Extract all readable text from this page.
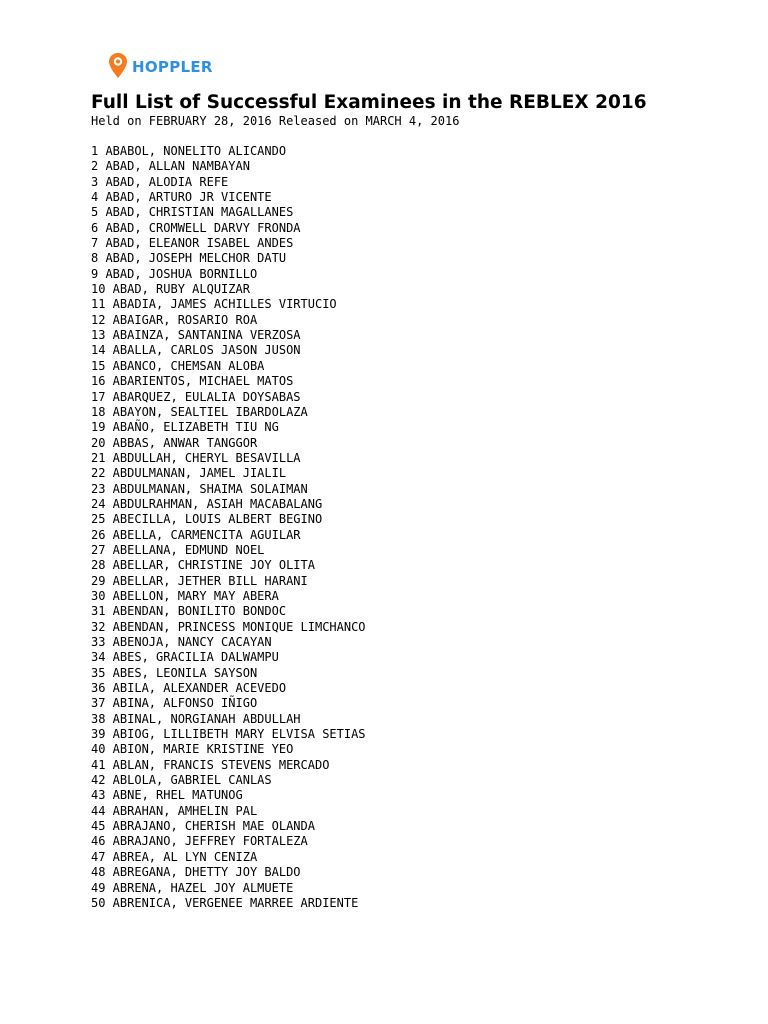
HOPPLER
Full List of Successful Examinees in the REBLEX 2016

Held on FEBRUARY 28, 2016 Released on MARCH 4, 2016

1 ABABOL, NONELITO ALICANDO
2 ABAD, ALLAN NAMBAYAN
3 ABAD, ALODIA REFE
4 ABAD, ARTURO JR VICENTE
5 ABAD, CHRISTIAN MAGALLANES
6 ABAD, CROMWELL DARVY FRONDA
7 ABAD, ELEANOR ISABEL ANDES
8 ABAD, JOSEPH MELCHOR DATU
9 ABAD, JOSHUA BORNILLO
10 ABAD, RUBY ALQUIZAR
11 ABADIA, JAMES ACHILLES VIRTUCIO
12 ABAIGAR, ROSARIO ROA
13 ABAINZA, SANTANINA VERZOSA
14 ABALLA, CARLOS JASON JUSON
15 ABANCO, CHEMSAN ALOBA
16 ABARIENTOS, MICHAEL MATOS
17 ABARQUEZ, EULALIA DOYSABAS
18 ABAYON, SEALTIEL IBARDOLAZA
19 ABAÑO, ELIZABETH TIU NG
20 ABBAS, ANWAR TANGGOR
21 ABDULLAH, CHERYL BESAVILLA
22 ABDULMANAN, JAMEL JIALIL
23 ABDULMANAN, SHAIMA SOLAIMAN
24 ABDULRAHMAN, ASIAH MACABALANG
25 ABECILLA, LOUIS ALBERT BEGINO
26 ABELLA, CARMENCITA AGUILAR
27 ABELLANA, EDMUND NOEL
28 ABELLAR, CHRISTINE JOY OLITA
29 ABELLAR, JETHER BILL HARANI
30 ABELLON, MARY MAY ABERA
31 ABENDAN, BONILITO BONDOC
32 ABENDAN, PRINCESS MONIQUE LIMCHANCO
33 ABENOJA, NANCY CACAYAN
34 ABES, GRACILIA DALWAMPU
35 ABES, LEONILA SAYSON
36 ABILA, ALEXANDER ACEVEDO
37 ABINA, ALFONSO IÑIGO
38 ABINAL, NORGIANAH ABDULLAH
39 ABIOG, LILLIBETH MARY ELVISA SETIAS
40 ABION, MARIE KRISTINE YEO
41 ABLAN, FRANCIS STEVENS MERCADO
42 ABLOLA, GABRIEL CANLAS
43 ABNE, RHEL MATUNOG
44 ABRAHAN, AMHELIN PAL
45 ABRAJANO, CHERISH MAE OLANDA
46 ABRAJANO, JEFFREY FORTALEZA
47 ABREA, AL LYN CENIZA
48 ABREGANA, DHETTY JOY BALDO
49 ABRENA, HAZEL JOY ALMUETE
50 ABRENICA, VERGENEE MARREE ARDIENTE
